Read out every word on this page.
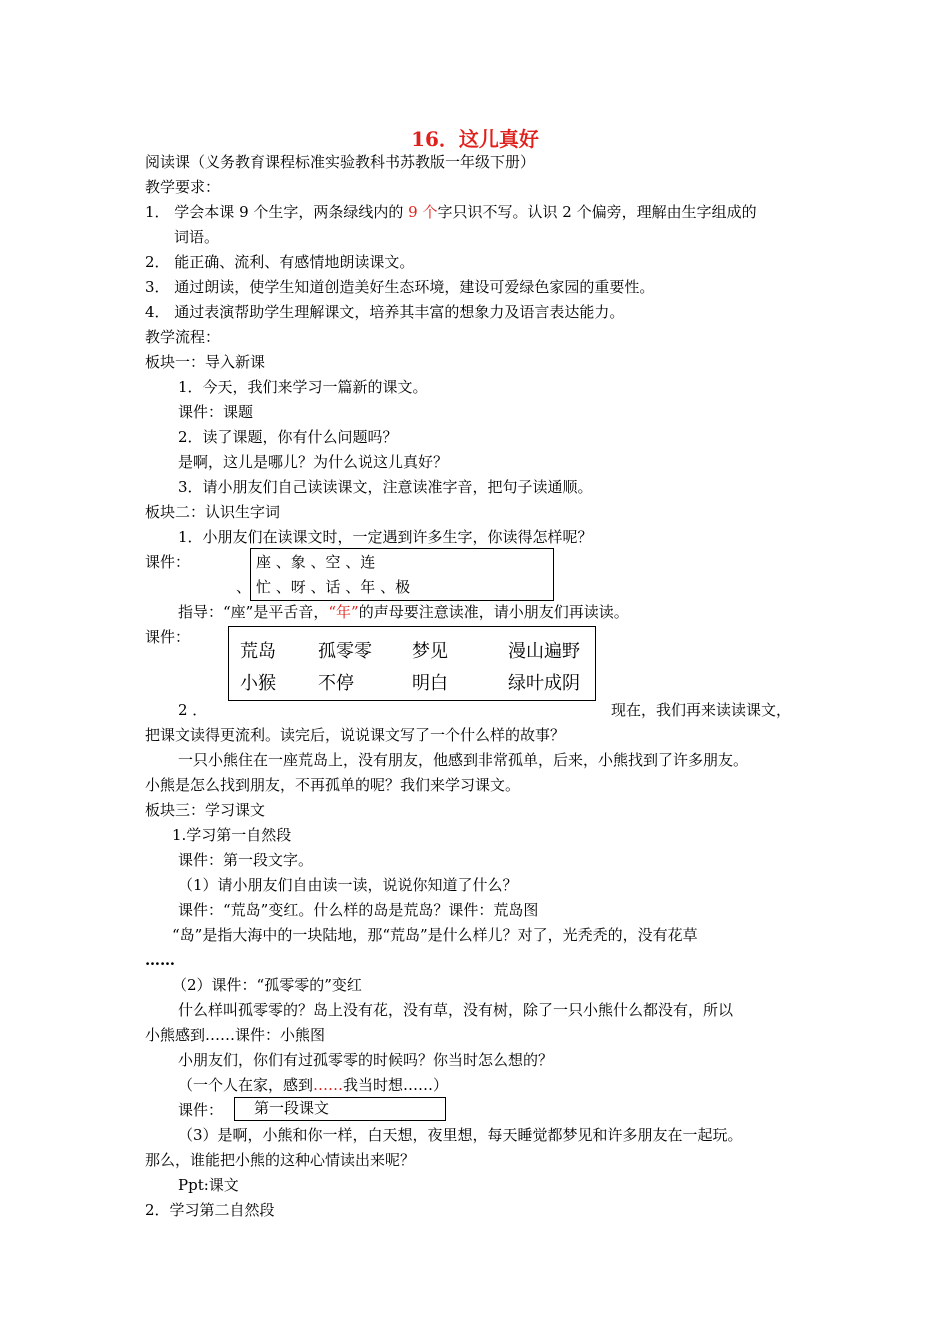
16．这儿真好
阅读课（义务教育课程标准实验教科书苏教版一年级下册）
教学要求：
1． 学会本课 9 个生字，两条绿线内的 9 个字只识不写。认识 2 个偏旁，理解由生字组成的
词语。
2． 能正确、流利、有感情地朗读课文。
3． 通过朗读，使学生知道创造美好生态环境，建设可爱绿色家园的重要性。
4． 通过表演帮助学生理解课文，培养其丰富的想象力及语言表达能力。
教学流程：
板块一：导入新课
1．今天，我们来学习一篇新的课文。
课件：课题
2．读了课题，你有什么问题吗？
是啊，这儿是哪儿？为什么说这儿真好？
3．请小朋友们自己读读课文，注意读准字音，把句子读通顺。
板块二：认识生字词
1．小朋友们在读课文时，一定遇到许多生字，你读得怎样呢？
课件：	座 、象 、空 、连
、 忙 、呀 、话 、年 、极
指导：“座”是平舌音，“年”的声母要注意读准，请小朋友们再读读。
课件：
荒岛 孤零零 梦见	漫山遍野
小猴 不停	明白	绿叶成阴
2 ．	现在，我们再来读读课文，
把课文读得更流利。读完后，说说课文写了一个什么样的故事？
一只小熊住在一座荒岛上，没有朋友，他感到非常孤单，后来，小熊找到了许多朋友。
小熊是怎么找到朋友，不再孤单的呢？我们来学习课文。
板块三：学习课文
1.学习第一自然段
课件：第一段文字。
（1）请小朋友们自由读一读，说说你知道了什么？
课件：“荒岛”变红。什么样的岛是荒岛？课件：荒岛图
“岛”是指大海中的一块陆地，那“荒岛”是什么样儿？对了，光秃秃的，没有花草
……
（2）课件：“孤零零的”变红
什么样叫孤零零的？岛上没有花，没有草，没有树，除了一只小熊什么都没有，所以
小熊感到……课件：小熊图
小朋友们，你们有过孤零零的时候吗？你当时怎么想的？
（一个人在家，感到……我当时想……）
课件： 第一段课文
（3）是啊，小熊和你一样，白天想，夜里想，每天睡觉都梦见和许多朋友在一起玩。
那么，谁能把小熊的这种心情读出来呢？
Ppt:课文
2．学习第二自然段
